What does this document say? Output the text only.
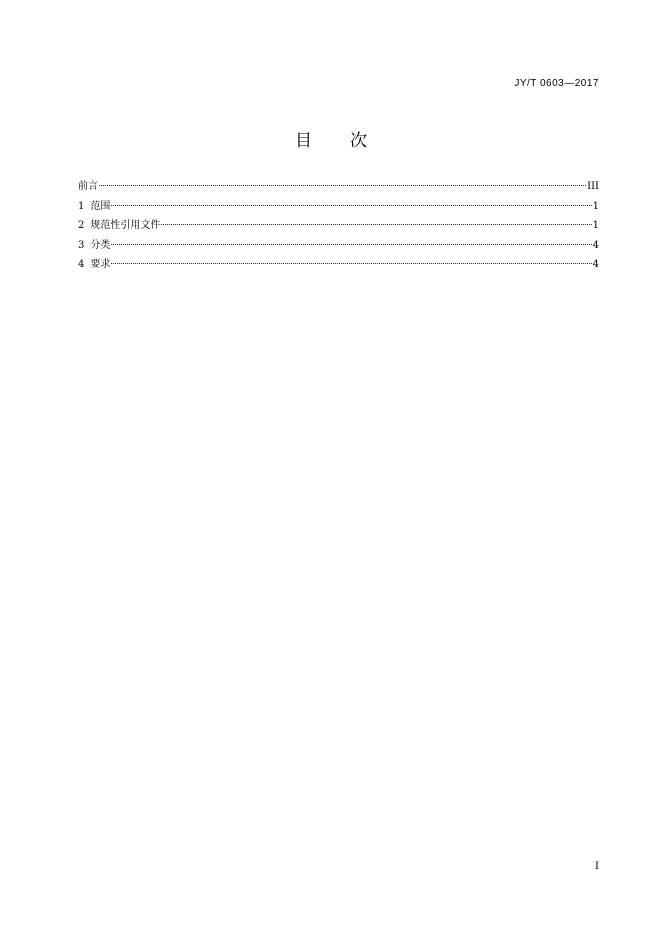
JY/T 0603—2017
目 次
前言	III
1 范围	1
2 规范性引用文件	1
3 分类	4
4 要求	4
I
